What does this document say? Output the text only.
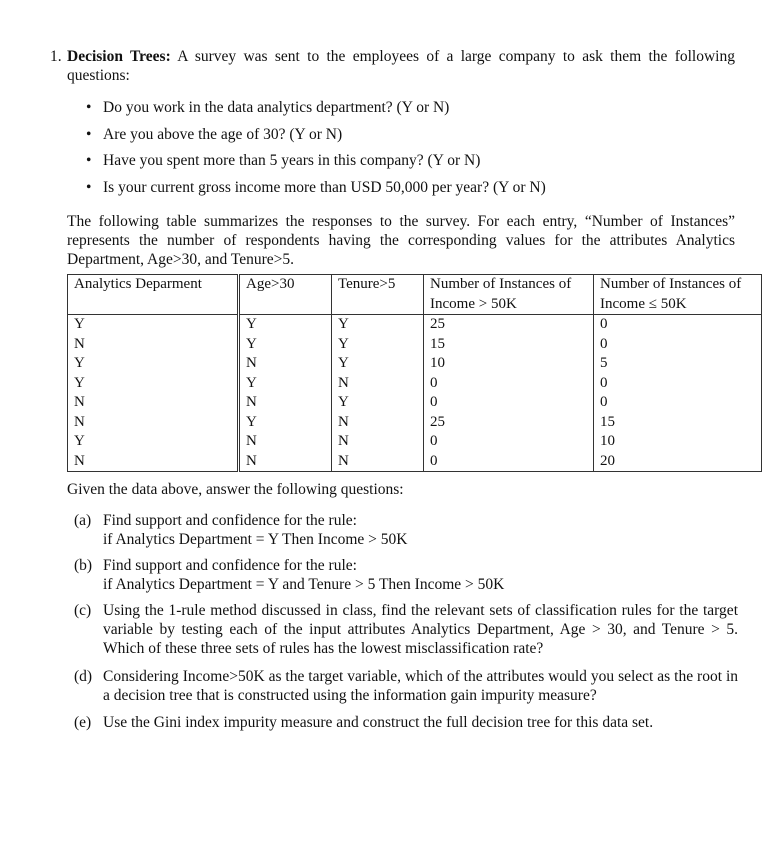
1. Decision Trees: A survey was sent to the employees of a large company to ask them the following questions:
• Do you work in the data analytics department? (Y or N)
• Are you above the age of 30? (Y or N)
• Have you spent more than 5 years in this company? (Y or N)
• Is your current gross income more than USD 50,000 per year? (Y or N)
The following table summarizes the responses to the survey. For each entry, “Number of Instances” represents the number of respondents having the corresponding values for the attributes Analytics Department, Age>30, and Tenure>5.
Analytics Deparment	Age>30	Tenure>5	Number of Instances of	Number of Instances of
			Income > 50K	Income ≤ 50K
Y	Y	Y	25	0
N	Y	Y	15	0
Y	N	Y	10	5
Y	Y	N	0	0
N	N	Y	0	0
N	Y	N	25	15
Y	N	N	0	10
N	N	N	0	20
Given the data above, answer the following questions:
(a) Find support and confidence for the rule:
if Analytics Department = Y Then Income > 50K
(b) Find support and confidence for the rule:
if Analytics Department = Y and Tenure > 5 Then Income > 50K
(c) Using the 1-rule method discussed in class, find the relevant sets of classification rules for the target variable by testing each of the input attributes Analytics Department, Age > 30, and Tenure > 5. Which of these three sets of rules has the lowest misclassification rate?
(d) Considering Income>50K as the target variable, which of the attributes would you select as the root in a decision tree that is constructed using the information gain impurity measure?
(e) Use the Gini index impurity measure and construct the full decision tree for this data set.
